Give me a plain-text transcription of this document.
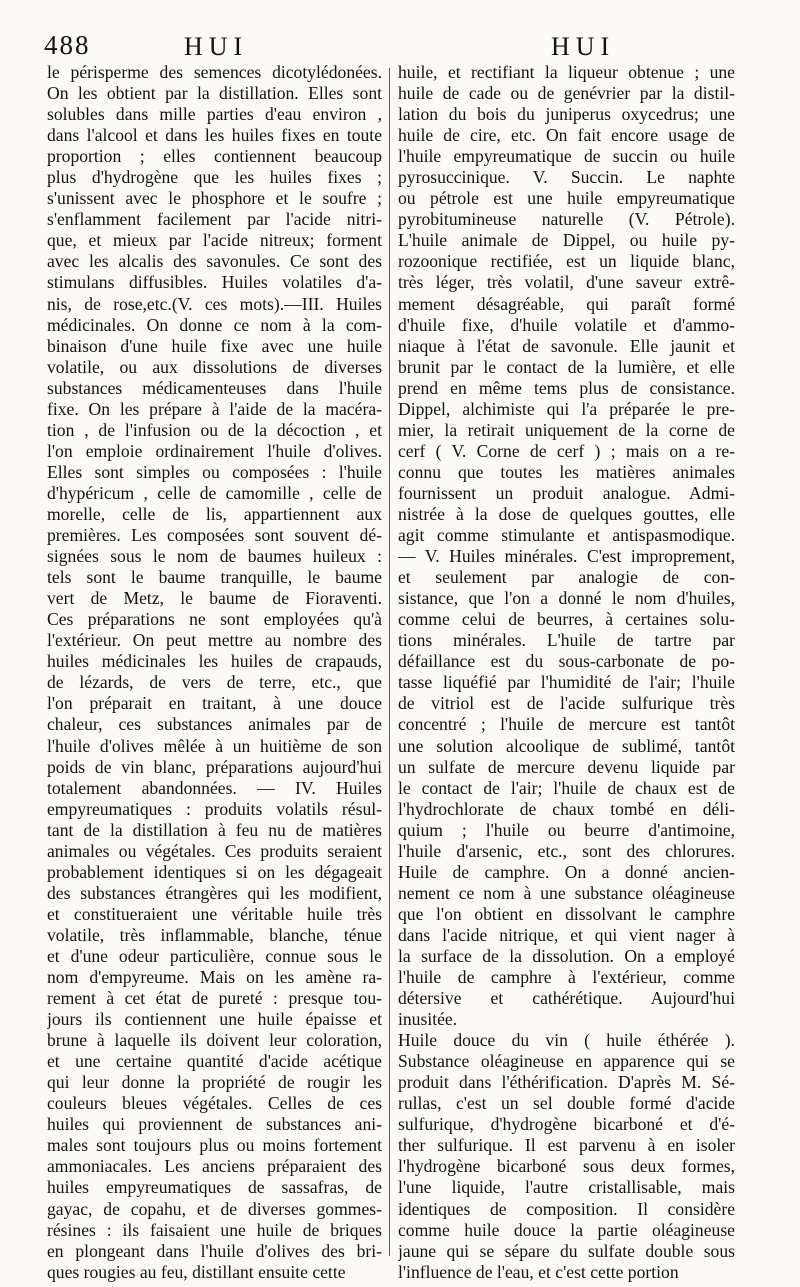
488	HUI	HUI
le périsperme des semences dicotylédonées.
On les obtient par la distillation. Elles sont
solubles dans mille parties d'eau environ ,
dans l'alcool et dans les huiles fixes en toute
proportion ; elles contiennent beaucoup
plus d'hydrogène que les huiles fixes ;
s'unissent avec le phosphore et le soufre ;
s'enflamment facilement par l'acide nitri-
que, et mieux par l'acide nitreux; forment
avec les alcalis des savonules. Ce sont des
stimulans diffusibles. Huiles volatiles d'a-
nis, de rose,etc.(V. ces mots).—III. Huiles
médicinales. On donne ce nom à la com-
binaison d'une huile fixe avec une huile
volatile, ou aux dissolutions de diverses
substances médicamenteuses dans l'huile
fixe. On les prépare à l'aide de la macéra-
tion , de l'infusion ou de la décoction , et
l'on emploie ordinairement l'huile d'olives.
Elles sont simples ou composées : l'huile
d'hypéricum , celle de camomille , celle de
morelle, celle de lis, appartiennent aux
premières. Les composées sont souvent dé-
signées sous le nom de baumes huileux :
tels sont le baume tranquille, le baume
vert de Metz, le baume de Fioraventi.
Ces préparations ne sont employées qu'à
l'extérieur. On peut mettre au nombre des
huiles médicinales les huiles de crapauds,
de lézards, de vers de terre, etc., que
l'on préparait en traitant, à une douce
chaleur, ces substances animales par de
l'huile d'olives mêlée à un huitième de son
poids de vin blanc, préparations aujourd'hui
totalement abandonnées. — IV. Huiles
empyreumatiques : produits volatils résul-
tant de la distillation à feu nu de matières
animales ou végétales. Ces produits seraient
probablement identiques si on les dégageait
des substances étrangères qui les modifient,
et constitueraient une véritable huile très
volatile, très inflammable, blanche, ténue
et d'une odeur particulière, connue sous le
nom d'empyreume. Mais on les amène ra-
rement à cet état de pureté : presque tou-
jours ils contiennent une huile épaisse et
brune à laquelle ils doivent leur coloration,
et une certaine quantité d'acide acétique
qui leur donne la propriété de rougir les
couleurs bleues végétales. Celles de ces
huiles qui proviennent de substances ani-
males sont toujours plus ou moins fortement
ammoniacales. Les anciens préparaient des
huiles empyreumatiques de sassafras, de
gayac, de copahu, et de diverses gommes-
résines : ils faisaient une huile de briques
en plongeant dans l'huile d'olives des bri-
ques rougies au feu, distillant ensuite cette
huile, et rectifiant la liqueur obtenue ; une
huile de cade ou de genévrier par la distil-
lation du bois du juniperus oxycedrus; une
huile de cire, etc. On fait encore usage de
l'huile empyreumatique de succin ou huile
pyrosuccinique. V. Succin. Le naphte
ou pétrole est une huile empyreumatique
pyrobitumineuse naturelle (V. Pétrole).
L'huile animale de Dippel, ou huile py-
rozoonique rectifiée, est un liquide blanc,
très léger, très volatil, d'une saveur extrê-
mement désagréable, qui paraît formé
d'huile fixe, d'huile volatile et d'ammo-
niaque à l'état de savonule. Elle jaunit et
brunit par le contact de la lumière, et elle
prend en même tems plus de consistance.
Dippel, alchimiste qui l'a préparée le pre-
mier, la retirait uniquement de la corne de
cerf ( V. Corne de cerf ) ; mais on a re-
connu que toutes les matières animales
fournissent un produit analogue. Admi-
nistrée à la dose de quelques gouttes, elle
agit comme stimulante et antispasmodique.
— V. Huiles minérales. C'est improprement,
et seulement par analogie de con-
sistance, que l'on a donné le nom d'huiles,
comme celui de beurres, à certaines solu-
tions minérales. L'huile de tartre par
défaillance est du sous-carbonate de po-
tasse liquéfié par l'humidité de l'air; l'huile
de vitriol est de l'acide sulfurique très
concentré ; l'huile de mercure est tantôt
une solution alcoolique de sublimé, tantôt
un sulfate de mercure devenu liquide par
le contact de l'air; l'huile de chaux est de
l'hydrochlorate de chaux tombé en déli-
quium ; l'huile ou beurre d'antimoine,
l'huile d'arsenic, etc., sont des chlorures.
Huile de camphre. On a donné ancien-
nement ce nom à une substance oléagineuse
que l'on obtient en dissolvant le camphre
dans l'acide nitrique, et qui vient nager à
la surface de la dissolution. On a employé
l'huile de camphre à l'extérieur, comme
détersive et cathérétique. Aujourd'hui
inusitée.
Huile douce du vin ( huile éthérée ).
Substance oléagineuse en apparence qui se
produit dans l'éthérification. D'après M. Sé-
rullas, c'est un sel double formé d'acide
sulfurique, d'hydrogène bicarboné et d'é-
ther sulfurique. Il est parvenu à en isoler
l'hydrogène bicarboné sous deux formes,
l'une liquide, l'autre cristallisable, mais
identiques de composition. Il considère
comme huile douce la partie oléagineuse
jaune qui se sépare du sulfate double sous
l'influence de l'eau, et c'est cette portion
